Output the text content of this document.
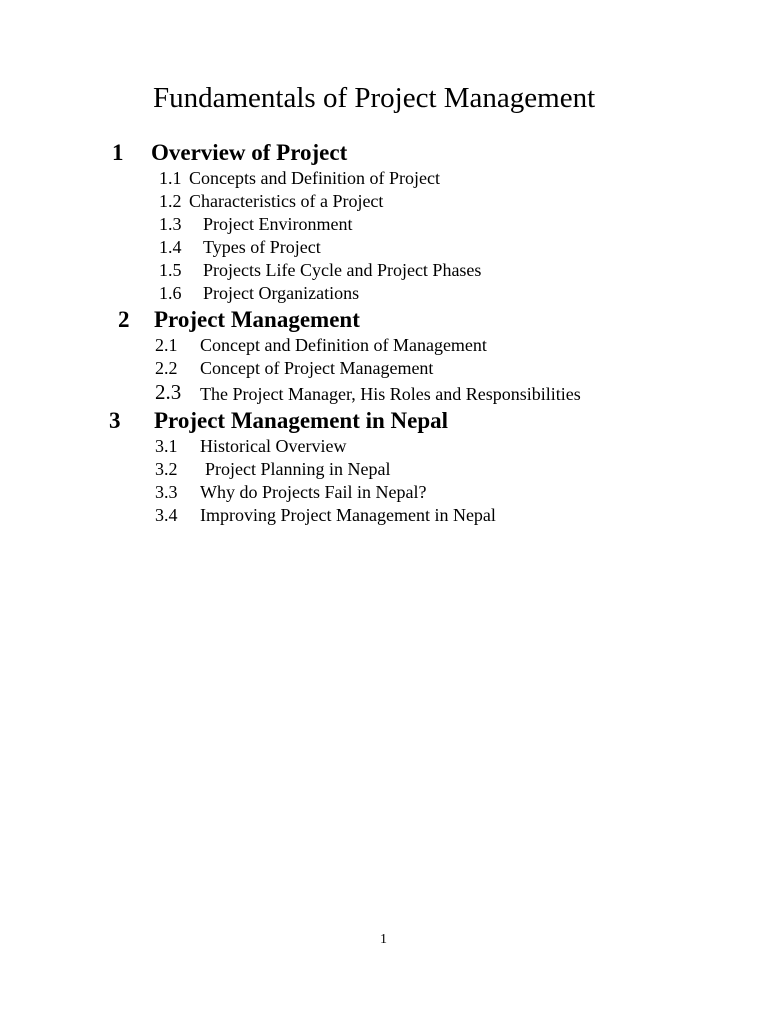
Fundamentals of Project Management
1 Overview of Project
1.1 Concepts and Definition of Project
1.2 Characteristics of a Project
1.3 Project Environment
1.4 Types of Project
1.5 Projects Life Cycle and Project Phases
1.6 Project Organizations
2 Project Management
2.1 Concept and Definition of Management
2.2 Concept of Project Management
2.3 The Project Manager, His Roles and Responsibilities
3 Project Management in Nepal
3.1 Historical Overview
3.2 Project Planning in Nepal
3.3 Why do Projects Fail in Nepal?
3.4 Improving Project Management in Nepal
1
